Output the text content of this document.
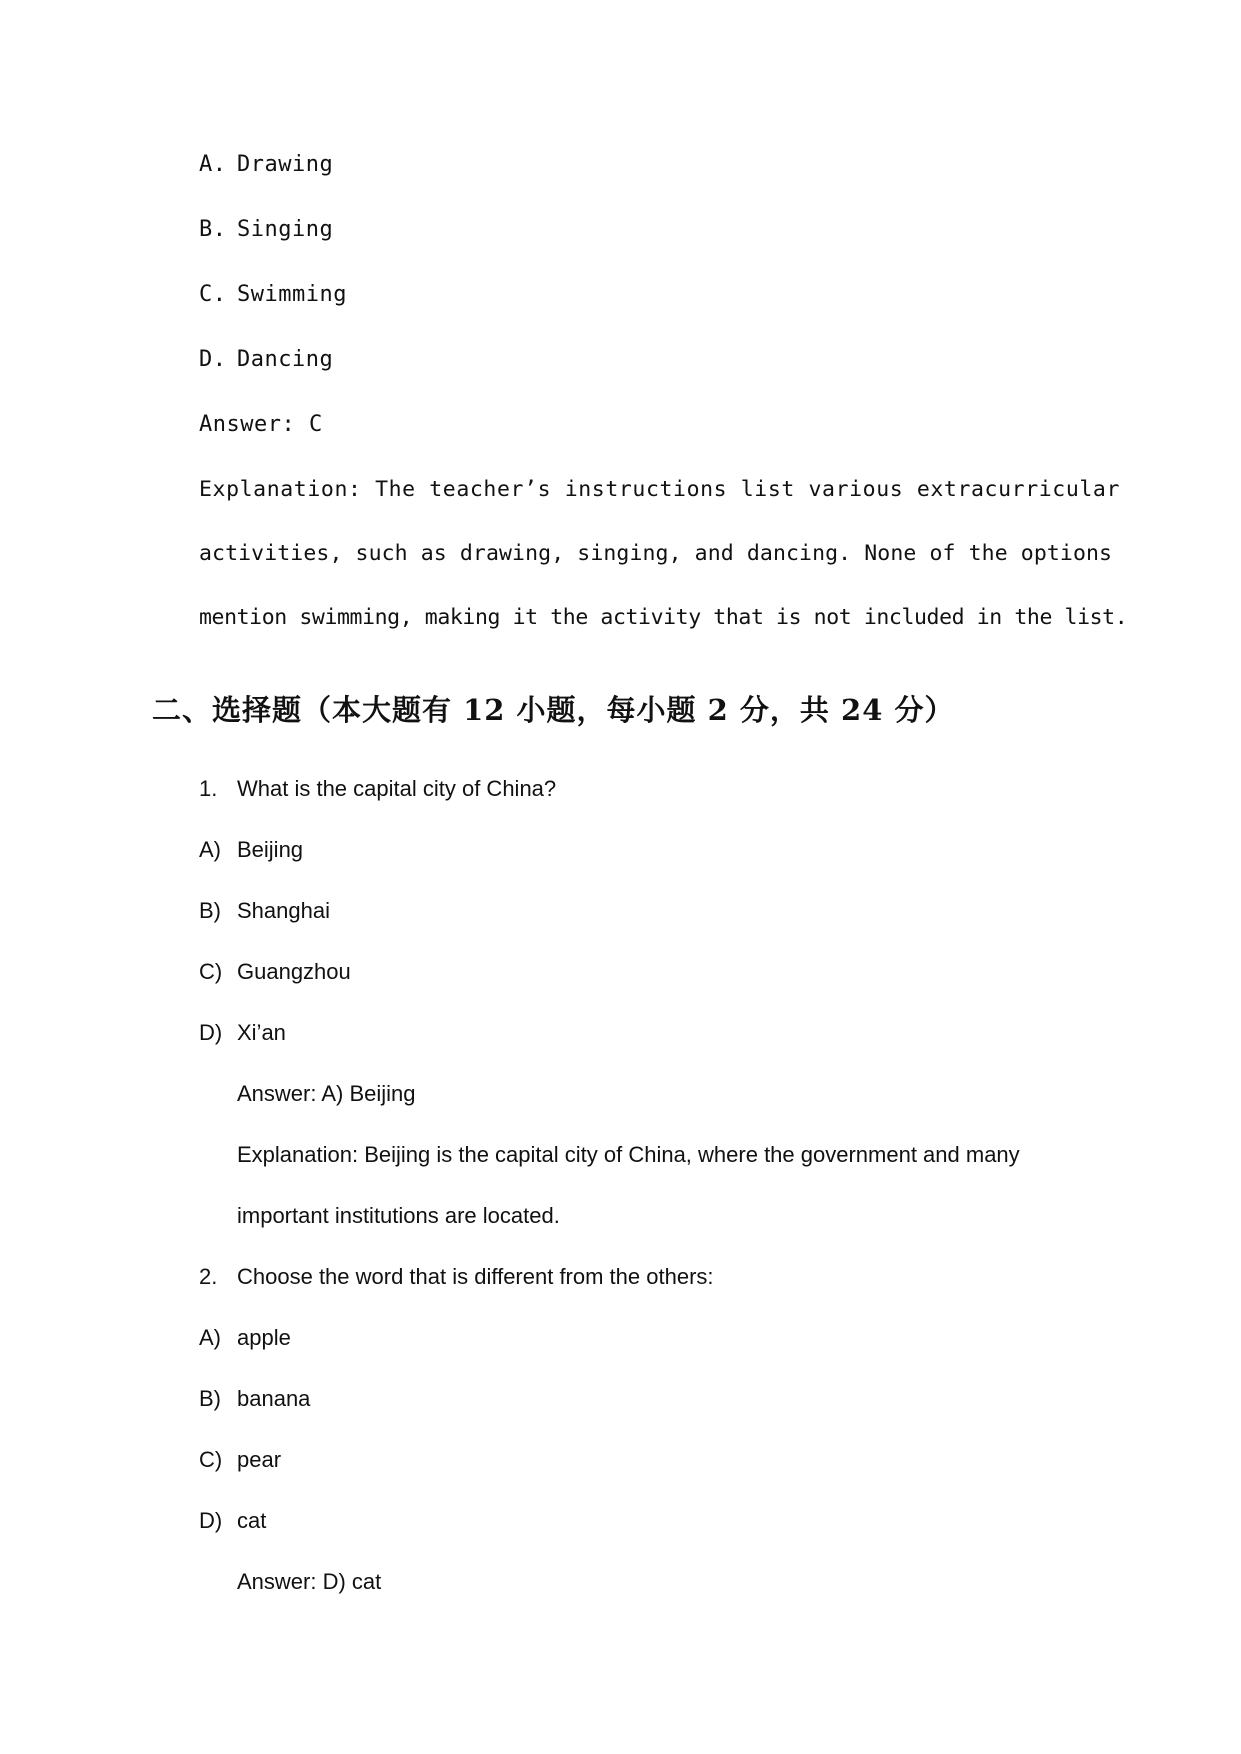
A. Drawing
B. Singing
C. Swimming
D. Dancing
Answer: C
Explanation: The teacher’s instructions list various extracurricular
activities, such as drawing, singing, and dancing. None of the options
mention swimming, making it the activity that is not included in the list.
二、选择题（本大题有 12 小题，每小题 2 分，共 24 分）
1. What is the capital city of China?
A) Beijing
B) Shanghai
C) Guangzhou
D) Xi’an
Answer: A) Beijing
Explanation: Beijing is the capital city of China, where the government and many
important institutions are located.
2. Choose the word that is different from the others:
A) apple
B) banana
C) pear
D) cat
Answer: D) cat
